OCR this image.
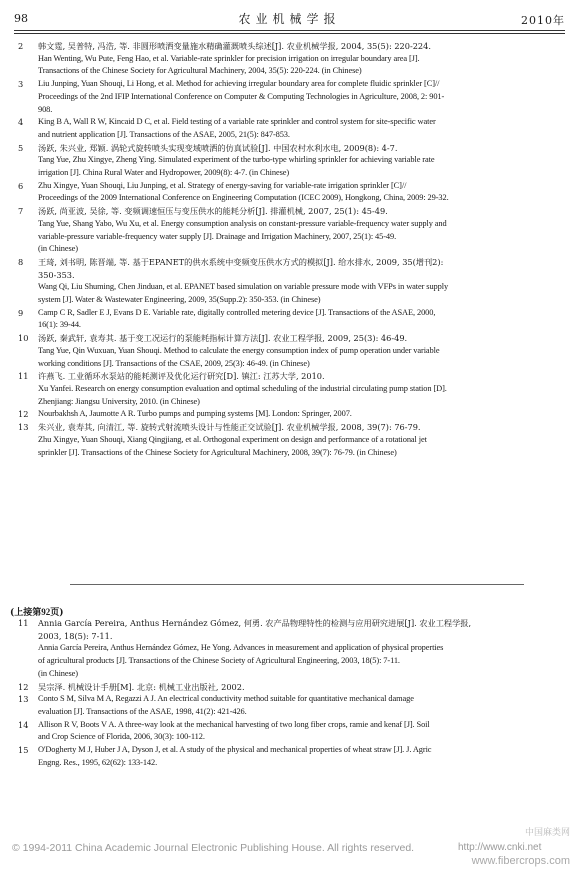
98	农业机械学报	2010年
2 韩文霆, 吴普特, 冯浩, 等. 非圆形喷洒变量施水精确灌溉喷头综述[J]. 农业机械学报, 2004, 35(5): 220-224.
Han Wenting, Wu Pute, Feng Hao, et al. Variable-rate sprinkler for precision irrigation on irregular boundary area [J].
Transactions of the Chinese Society for Agricultural Machinery, 2004, 35(5): 220-224. (in Chinese)
3 Liu Junping, Yuan Shouqi, Li Hong, et al. Method for achieving irregular boundary area for complete fluidic sprinkler [C]//
Proceedings of the 2nd IFIP International Conference on Computer & Computing Technologies in Agriculture, 2008, 2: 901-
908.
4 King B A, Wall R W, Kincaid D C, et al. Field testing of a variable rate sprinkler and control system for site-specific water
and nutrient application [J]. Transactions of the ASAE, 2005, 21(5): 847-853.
5 汤跃, 朱兴业, 郑颖. 涡轮式旋转喷头实现变域喷洒的仿真试验[J]. 中国农村水利水电, 2009(8): 4-7.
Tang Yue, Zhu Xingye, Zheng Ying. Simulated experiment of the turbo-type whirling sprinkler for achieving variable rate
irrigation [J]. China Rural Water and Hydropower, 2009(8): 4-7. (in Chinese)
6 Zhu Xingye, Yuan Shouqi, Liu Junping, et al. Strategy of energy-saving for variable-rate irrigation sprinkler [C]//
Proceedings of the 2009 International Conference on Engineering Computation (ICEC 2009), Hongkong, China, 2009: 29-32.
7 汤跃, 尚亚波, 吴徐, 等. 变频调速恒压与变压供水的能耗分析[J]. 排灌机械, 2007, 25(1): 45-49.
Tang Yue, Shang Yabo, Wu Xu, et al. Energy consumption analysis on constant-pressure variable-frequency water supply and
variable-pressure variable-frequency water supply [J]. Drainage and Irrigation Machinery, 2007, 25(1): 45-49.
(in Chinese)
8 王琦, 刘书明, 陈晋端, 等. 基于EPANET的供水系统中变频变压供水方式的模拟[J]. 给水排水, 2009, 35(增刊2):
350-353.
Wang Qi, Liu Shuming, Chen Jinduan, et al. EPANET based simulation on variable pressure mode with VFPs in water supply
system [J]. Water & Wastewater Engineering, 2009, 35(Supp.2): 350-353. (in Chinese)
9 Camp C R, Sadler E J, Evans D E. Variable rate, digitally controlled metering device [J]. Transactions of the ASAE, 2000,
16(1): 39-44.
10 汤跃, 秦武轩, 袁寿其. 基于变工况运行的泵能耗指标计算方法[J]. 农业工程学报, 2009, 25(3): 46-49.
Tang Yue, Qin Wuxuan, Yuan Shouqi. Method to calculate the energy consumption index of pump operation under variable
working conditions [J]. Transactions of the CSAE, 2009, 25(3): 46-49. (in Chinese)
11 许燕飞. 工业循环水泵站的能耗测评及优化运行研究[D]. 镇江: 江苏大学, 2010.
Xu Yanfei. Research on energy consumption evaluation and optimal scheduling of the industrial circulating pump station [D].
Zhenjiang: Jiangsu University, 2010. (in Chinese)
12 Nourbakhsh A, Jaumotte A R. Turbo pumps and pumping systems [M]. London: Springer, 2007.
13 朱兴业, 袁寿其, 向清江, 等. 旋转式射流喷头设计与性能正交试验[J]. 农业机械学报, 2008, 39(7): 76-79.
Zhu Xingye, Yuan Shouqi, Xiang Qingjiang, et al. Orthogonal experiment on design and performance of a rotational jet
sprinkler [J]. Transactions of the Chinese Society for Agricultural Machinery, 2008, 39(7): 76-79. (in Chinese)
(上接第92页)
11 Annia García Pereira, Anthus Hernández Gómez, 何勇. 农产品物理特性的检测与应用研究进展[J]. 农业工程学报,
2003, 18(5): 7-11.
Annia García Pereira, Anthus Hernández Gómez, He Yong. Advances in measurement and application of physical properties
of agricultural products [J]. Transactions of the Chinese Society of Agricultural Engineering, 2003, 18(5): 7-11.
(in Chinese)
12 吴宗泽. 机械设计手册[M]. 北京: 机械工业出版社, 2002.
13 Conto S M, Silva M A, Regazzi A J. An electrical conductivity method suitable for quantitative mechanical damage
evaluation [J]. Transactions of the ASAE, 1998, 41(2): 421-426.
14 Allison R V, Boots V A. A three-way look at the mechanical harvesting of two long fiber crops, ramie and kenaf [J]. Soil
and Crop Science of Florida, 2006, 30(3): 100-112.
15 O'Dogherty M J, Huber J A, Dyson J, et al. A study of the physical and mechanical properties of wheat straw [J]. J. Agric
Engng. Res., 1995, 62(62): 133-142.
中国麻类网
www.fibercrops.com
© 1994-2011 China Academic Journal Electronic Publishing House. All rights reserved.	http://www.cnki.net
